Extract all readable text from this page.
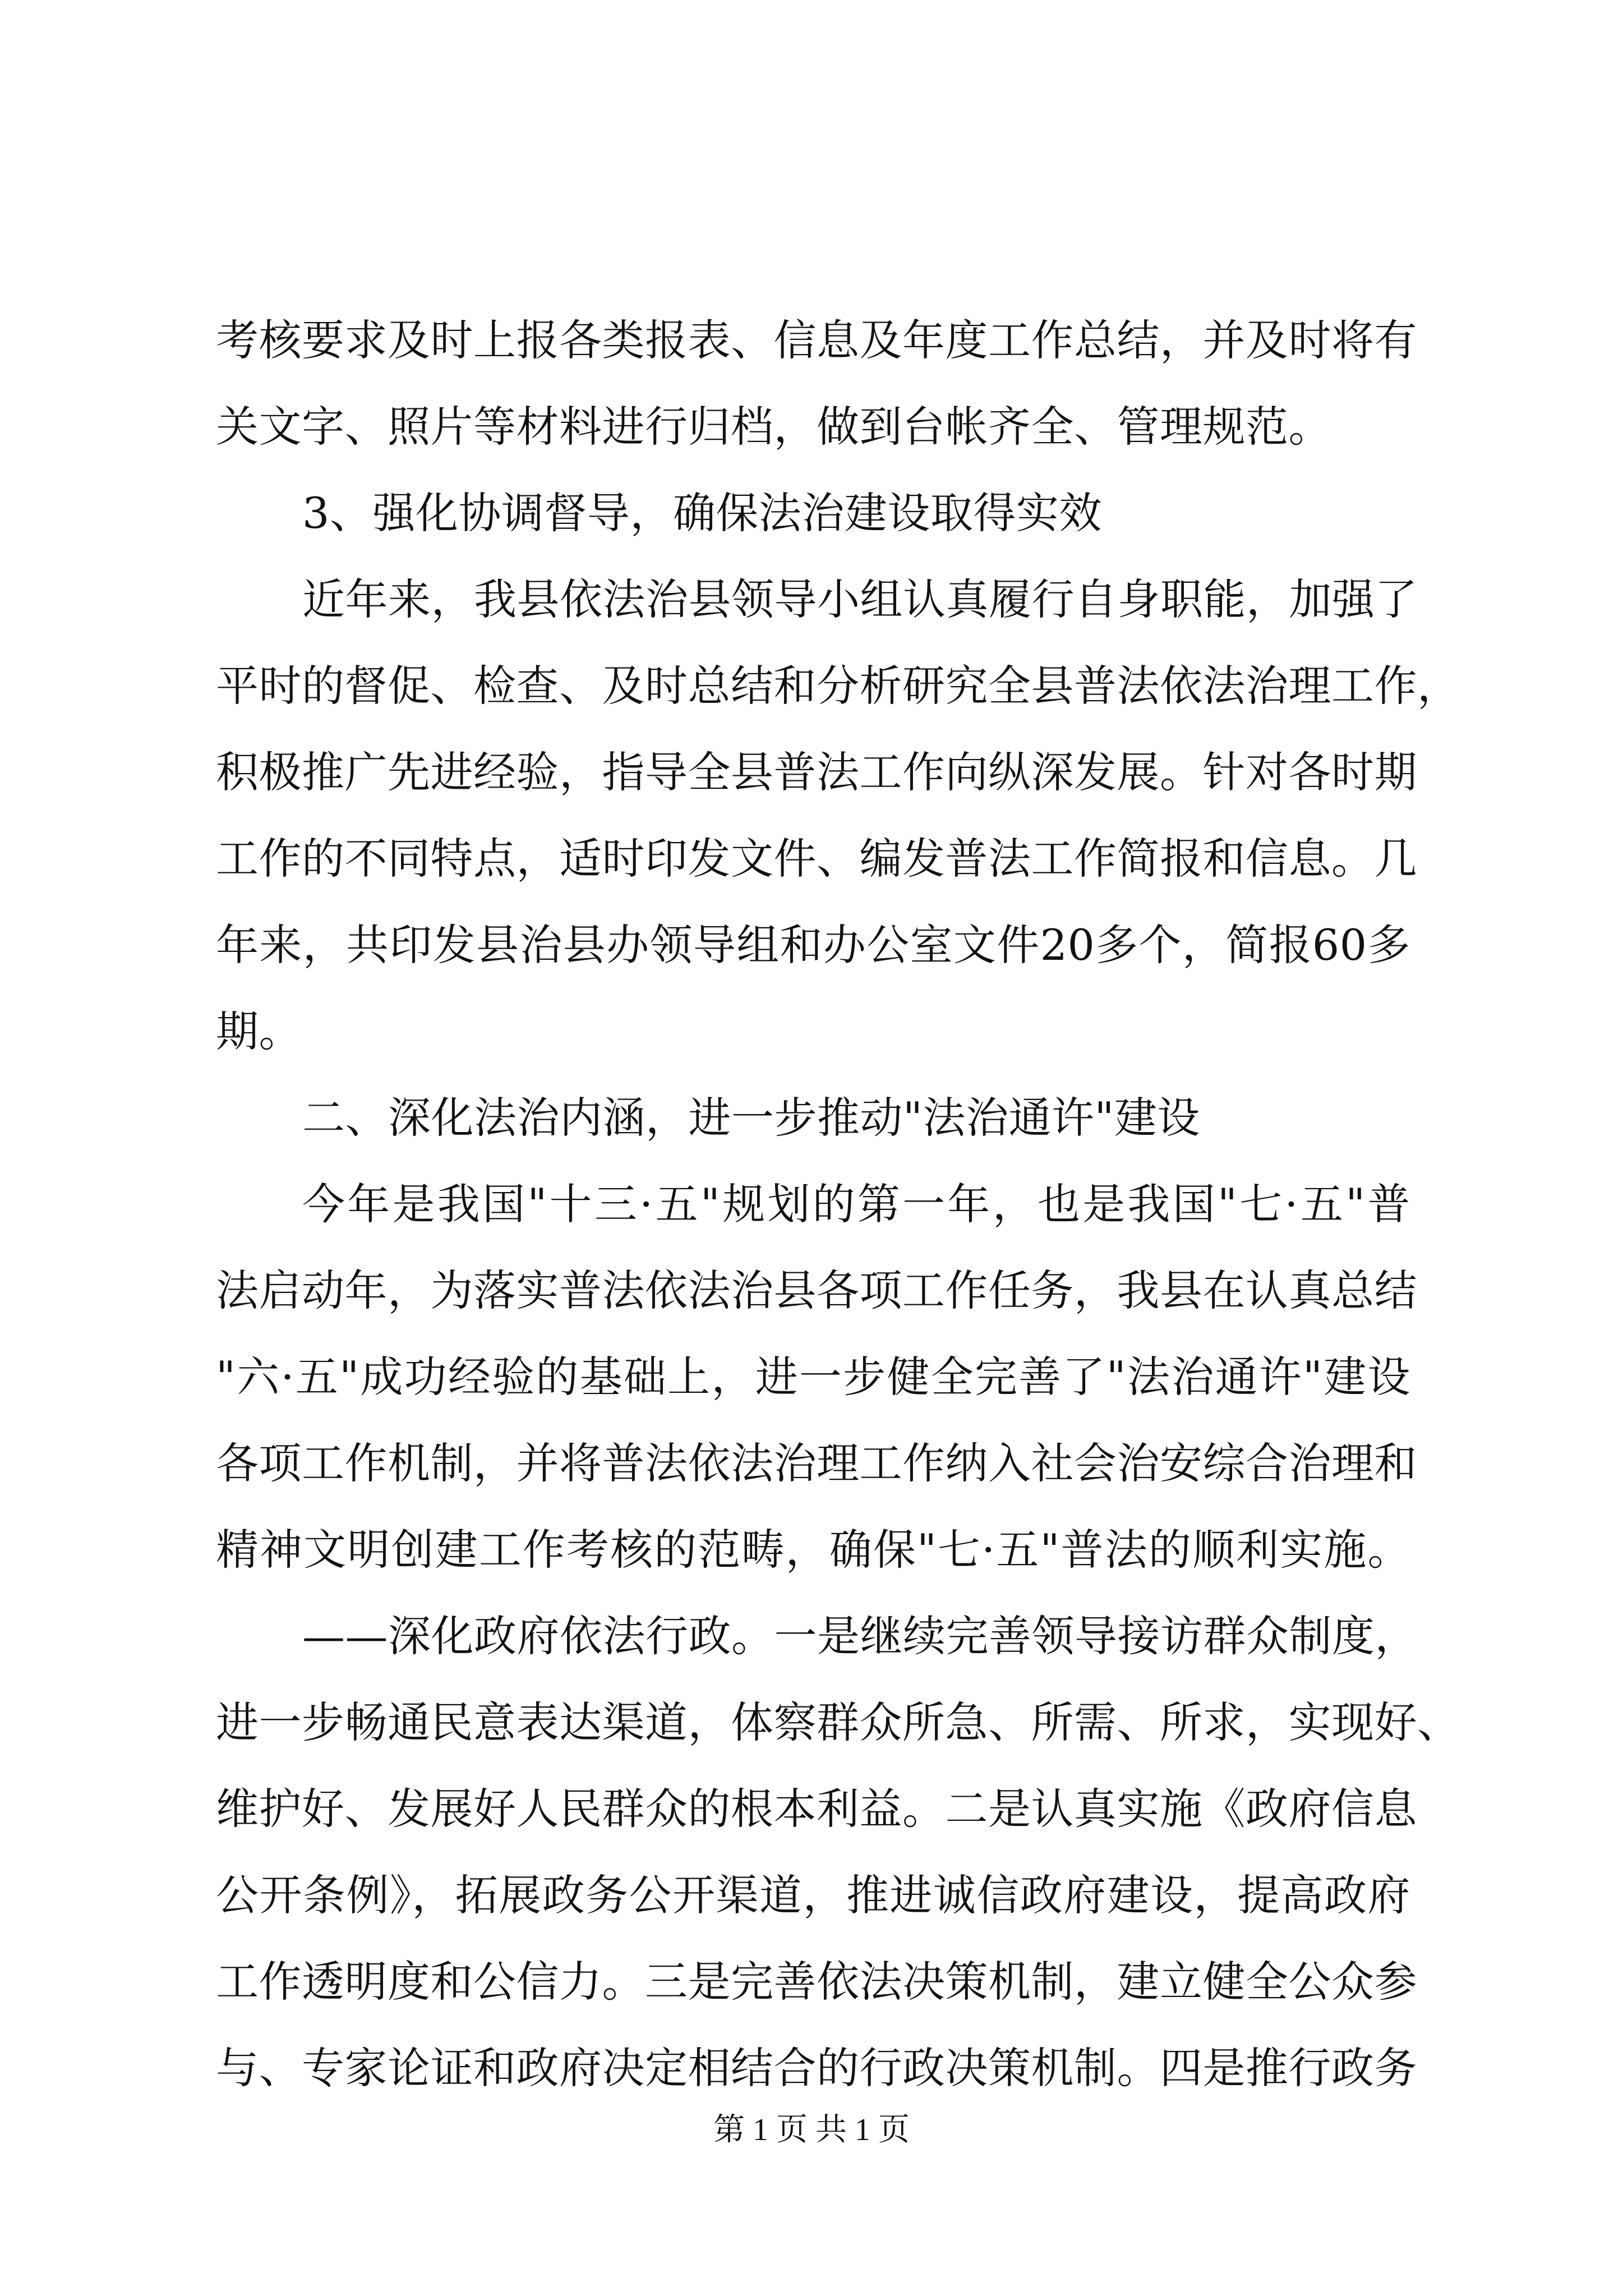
考核要求及时上报各类报表、信息及年度工作总结，并及时将有
关文字、照片等材料进行归档，做到台帐齐全、管理规范。
3、强化协调督导，确保法治建设取得实效
近年来，我县依法治县领导小组认真履行自身职能，加强了
平时的督促、检查、及时总结和分析研究全县普法依法治理工作，
积极推广先进经验，指导全县普法工作向纵深发展。针对各时期
工作的不同特点，适时印发文件、编发普法工作简报和信息。几
年来，共印发县治县办领导组和办公室文件20多个，简报60多
期。
二、深化法治内涵，进一步推动"法治通许"建设
今年是我国"十三·五"规划的第一年，也是我国"七·五"普
法启动年，为落实普法依法治县各项工作任务，我县在认真总结
"六·五"成功经验的基础上，进一步健全完善了"法治通许"建设
各项工作机制，并将普法依法治理工作纳入社会治安综合治理和
精神文明创建工作考核的范畴，确保"七·五"普法的顺利实施。
——深化政府依法行政。一是继续完善领导接访群众制度，
进一步畅通民意表达渠道，体察群众所急、所需、所求，实现好、
维护好、发展好人民群众的根本利益。二是认真实施《政府信息
公开条例》，拓展政务公开渠道，推进诚信政府建设，提高政府
工作透明度和公信力。三是完善依法决策机制，建立健全公众参
与、专家论证和政府决定相结合的行政决策机制。四是推行政务
第 1 页 共 1 页
